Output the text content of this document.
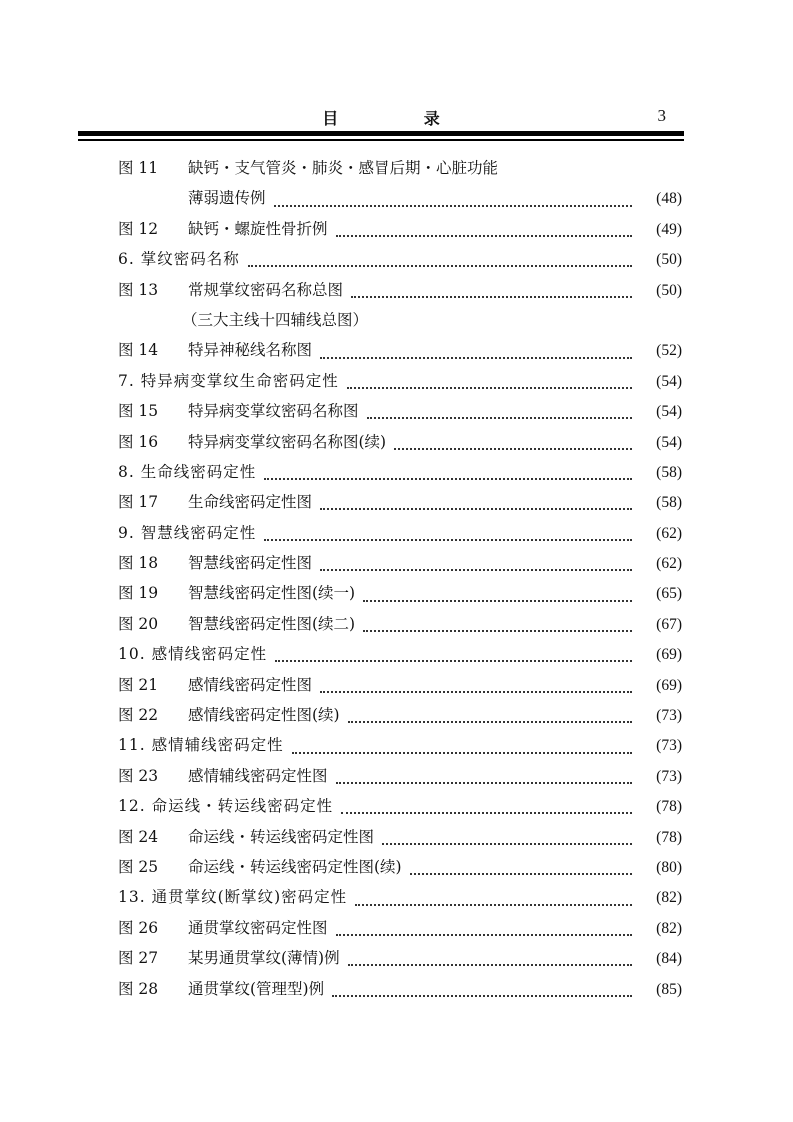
目 录	3
图 11	缺钙・支气管炎・肺炎・感冒后期・心脏功能
薄弱遗传例	(48)
图 12	缺钙・螺旋性骨折例	(49)
6. 掌纹密码名称	(50)
图 13	常规掌纹密码名称总图	(50)
（三大主线十四辅线总图）
图 14	特异神秘线名称图	(52)
7. 特异病变掌纹生命密码定性	(54)
图 15	特异病变掌纹密码名称图	(54)
图 16	特异病变掌纹密码名称图(续)	(54)
8. 生命线密码定性	(58)
图 17	生命线密码定性图	(58)
9. 智慧线密码定性	(62)
图 18	智慧线密码定性图	(62)
图 19	智慧线密码定性图(续一)	(65)
图 20	智慧线密码定性图(续二)	(67)
10. 感情线密码定性	(69)
图 21	感情线密码定性图	(69)
图 22	感情线密码定性图(续)	(73)
11. 感情辅线密码定性	(73)
图 23	感情辅线密码定性图	(73)
12. 命运线・转运线密码定性	(78)
图 24	命运线・转运线密码定性图	(78)
图 25	命运线・转运线密码定性图(续)	(80)
13. 通贯掌纹(断掌纹)密码定性	(82)
图 26	通贯掌纹密码定性图	(82)
图 27	某男通贯掌纹(薄情)例	(84)
图 28	通贯掌纹(管理型)例	(85)
